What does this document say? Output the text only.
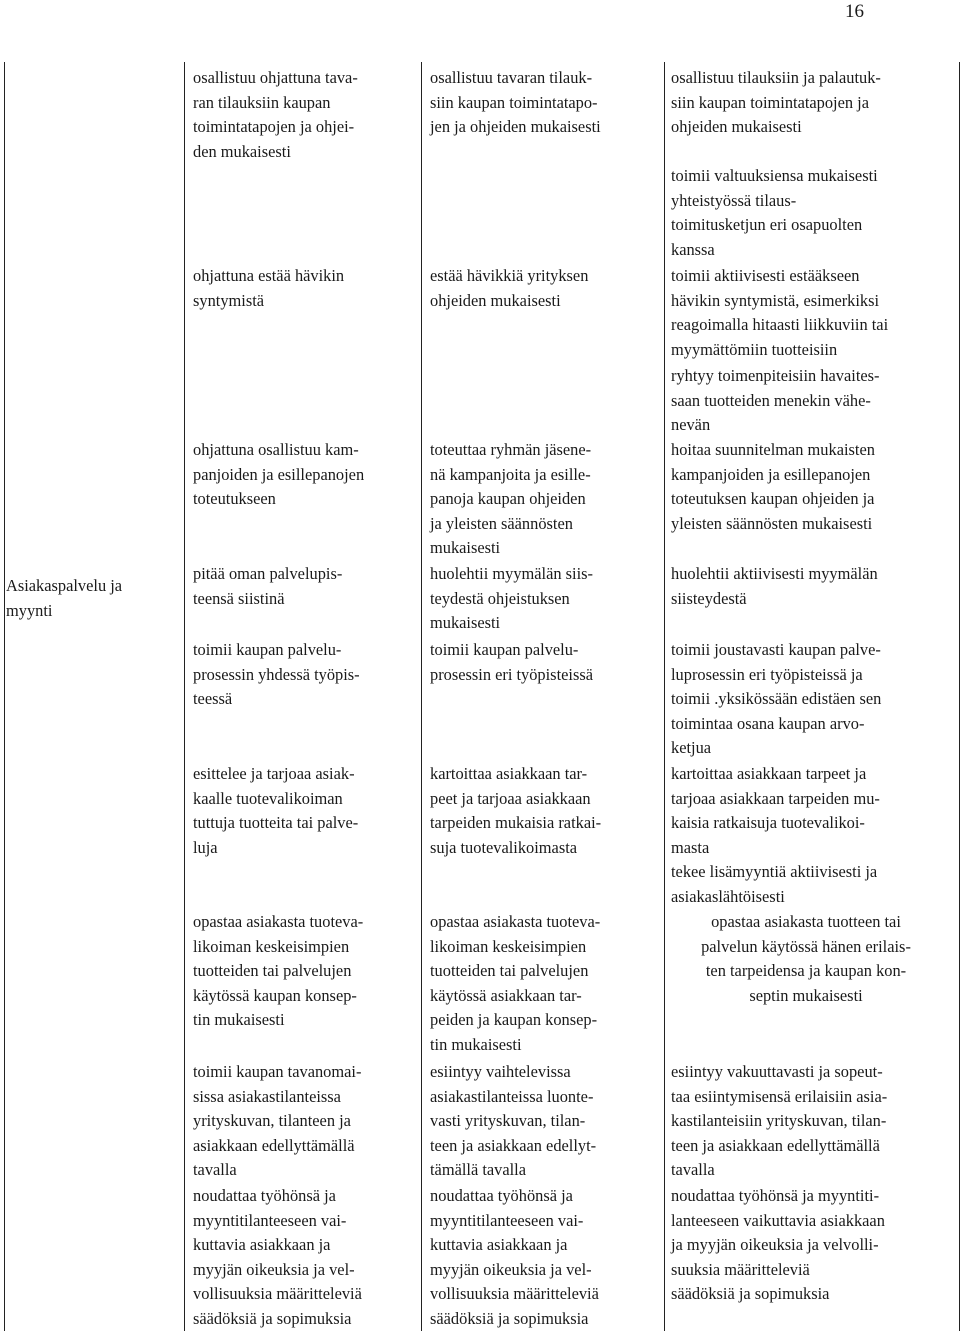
16
Asiakaspalvelu ja
myynti
osallistuu ohjattuna tava-
ran tilauksiin kaupan
toimintatapojen ja ohjei-
den mukaisesti
ohjattuna estää hävikin
syntymistä
ohjattuna osallistuu kam-
panjoiden ja esillepanojen
toteutukseen
pitää oman palvelupis-
teensä siistinä
toimii kaupan palvelu-
prosessin yhdessä työpis-
teessä
esittelee ja tarjoaa asiak-
kaalle tuotevalikoiman
tuttuja tuotteita tai palve-
luja
opastaa asiakasta tuoteva-
likoiman keskeisimpien
tuotteiden tai palvelujen
käytössä kaupan konsep-
tin mukaisesti
toimii kaupan tavanomai-
sissa asiakastilanteissa
yrityskuvan, tilanteen ja
asiakkaan edellyttämällä
tavalla
noudattaa työhönsä ja
myyntitilanteeseen vai-
kuttavia asiakkaan ja
myyjän oikeuksia ja vel-
vollisuuksia määritteleviä
säädöksiä ja sopimuksia
osallistuu tavaran tilauk-
siin kaupan toimintatapo-
jen ja ohjeiden mukaisesti
estää hävikkiä yrityksen
ohjeiden mukaisesti
toteuttaa ryhmän jäsene-
nä kampanjoita ja esille-
panoja kaupan ohjeiden
ja yleisten säännösten
mukaisesti
huolehtii myymälän siis-
teydestä ohjeistuksen
mukaisesti
toimii kaupan palvelu-
prosessin eri työpisteissä
kartoittaa asiakkaan tar-
peet ja tarjoaa asiakkaan
tarpeiden mukaisia ratkai-
suja tuotevalikoimasta
opastaa asiakasta tuoteva-
likoiman keskeisimpien
tuotteiden tai palvelujen
käytössä asiakkaan tar-
peiden ja kaupan konsep-
tin mukaisesti
esiintyy vaihtelevissa
asiakastilanteissa luonte-
vasti yrityskuvan, tilan-
teen ja asiakkaan edellyt-
tämällä tavalla
noudattaa työhönsä ja
myyntitilanteeseen vai-
kuttavia asiakkaan ja
myyjän oikeuksia ja vel-
vollisuuksia määritteleviä
säädöksiä ja sopimuksia
osallistuu tilauksiin ja palautuk-
siin kaupan toimintatapojen ja
ohjeiden mukaisesti
toimii valtuuksiensa mukaisesti
yhteistyössä tilaus-
toimitusketjun eri osapuolten
kanssa
toimii aktiivisesti estääkseen
hävikin syntymistä, esimerkiksi
reagoimalla hitaasti liikkuviin tai
myymättömiin tuotteisiin
ryhtyy toimenpiteisiin havaites-
saan tuotteiden menekin vähe-
nevän
hoitaa suunnitelman mukaisten
kampanjoiden ja esillepanojen
toteutuksen kaupan ohjeiden ja
yleisten säännösten mukaisesti
huolehtii aktiivisesti myymälän
siisteydestä
toimii joustavasti kaupan palve-
luprosessin eri työpisteissä ja
toimii .yksikössään edistäen sen
toimintaa osana kaupan arvo-
ketjua
kartoittaa asiakkaan tarpeet ja
tarjoaa asiakkaan tarpeiden mu-
kaisia ratkaisuja tuotevalikoi-
masta
tekee lisämyyntiä aktiivisesti ja
asiakaslähtöisesti
opastaa asiakasta tuotteen tai
palvelun käytössä hänen erilais-
ten tarpeidensa ja kaupan kon-
septin mukaisesti
esiintyy vakuuttavasti ja sopeut-
taa esiintymisensä erilaisiin asia-
kastilanteisiin yrityskuvan, tilan-
teen ja asiakkaan edellyttämällä
tavalla
noudattaa työhönsä ja myyntiti-
lanteeseen vaikuttavia asiakkaan
ja myyjän oikeuksia ja velvolli-
suuksia määritteleviä
säädöksiä ja sopimuksia
